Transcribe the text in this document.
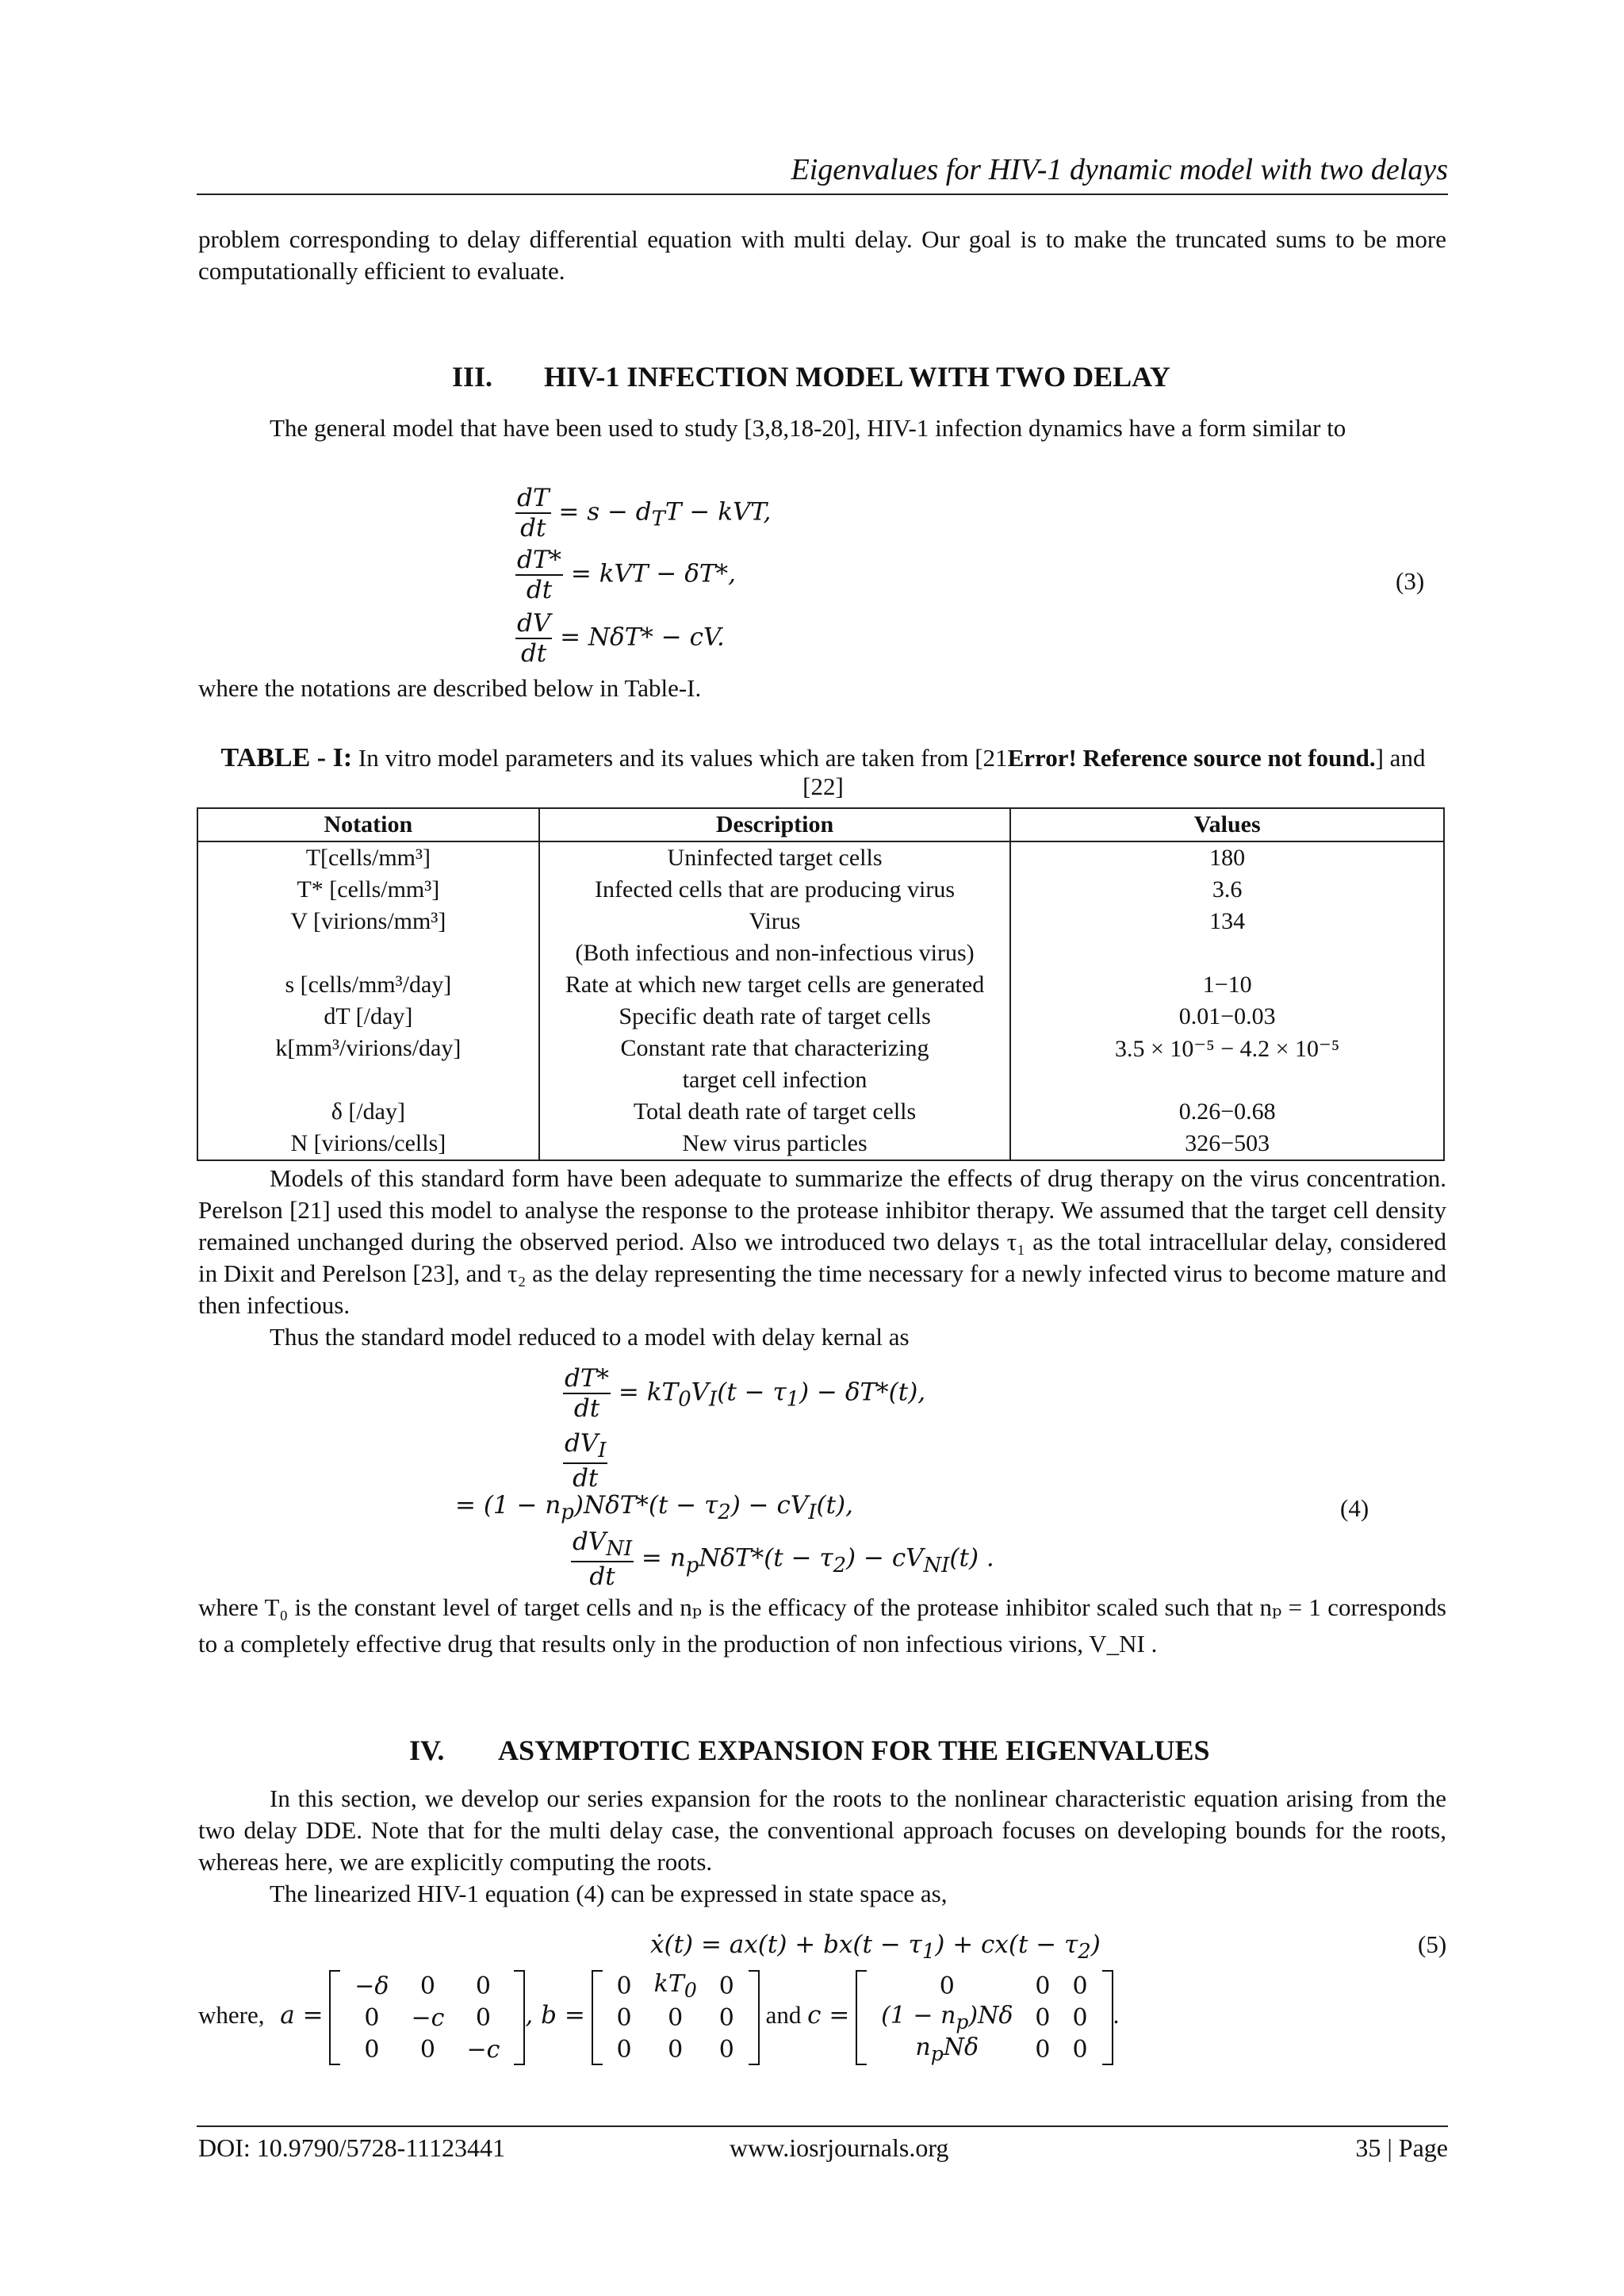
Eigenvalues for HIV-1 dynamic model with two delays

problem corresponding to delay differential equation with multi delay. Our goal is to make the truncated sums to be more computationally efficient to evaluate.

III. HIV-1 INFECTION MODEL WITH TWO DELAY

The general model that have been used to study [3,8,18-20], HIV-1 infection dynamics have a form similar to

$\frac{dT}{dt} = s - d_TT$ − kVT,
$\frac{dT*}{dt}$ = kVT − δT*,
$\frac{dV}{dt} = N\delta T*$ − cV.
(3)
where the notations are described below in Table-I.
TABLE - I: In vitro model parameters and its values which are taken from [21Error! Reference source not found.] and [22]
Notation	Description	Values
T[cells/mm³]	Uninfected target cells	180
T* [cells/mm³]	Infected cells that are producing virus	3.6
V [virions/mm³]	Virus	134
	(Both infectious and non-infectious virus)	
s [cells/mm³/day]	Rate at which new target cells are generated	1−10
dT [/day]	Specific death rate of target cells	0.01−0.03
k[mm³/virions/day]	Constant rate that characterizing	3.5 × 10⁻⁵ − 4.2 × 10⁻⁵
	target cell infection	
δ [/day]	Total death rate of target cells	0.26−0.68
N [virions/cells]	New virus particles	326−503

Models of this standard form have been adequate to summarize the effects of drug therapy on the virus concentration. Perelson [21] used this model to analyse the response to the protease inhibitor therapy. We assumed that the target cell density remained unchanged during the observed period. Also we introduced two delays τ₁ as the total intracellular delay, considered in Dixit and Perelson [23], and τ₂ as the delay representing the time necessary for a newly infected virus to become mature and then infectious.

Thus the standard model reduced to a model with delay kernal as

$\frac{dT*}{dt} = kT_0V_I(t - \tau_1) - \delta T*(t)$,
$\frac{dV_I}{dt}$
= $(1 - n_p)N\delta T*(t - \tau_2) - cV_I(t)$,
$\frac{dV_{NI}}{dt} = n_pN\delta T*(t - \tau_2) - cV_{NI}(t)$ .
(4)

where T₀ is the constant level of target cells and nₚ is the efficacy of the protease inhibitor scaled such that nₚ = 1 corresponds to a completely effective drug that results only in the production of non infectious virions, V_NI .

IV. ASYMPTOTIC EXPANSION FOR THE EIGENVALUES

In this section, we develop our series expansion for the roots to the nonlinear characteristic equation arising from the two delay DDE. Note that for the multi delay case, the conventional approach focuses on developing bounds for the roots, whereas here, we are explicitly computing the roots.

The linearized HIV-1 equation (4) can be expressed in state space as,

ẋ(t) = $ax(t) + bx(t - \tau_1) + cx(t - \tau_2)$	(5)
where, a =
−δ	0	0
0	−c	0
0	0	−c
, b =
0	$kT_0$	0
0	0	0
0	0	0
and c =
0	0	0
$(1 - n_p)N\delta$	0	0
$n_pN\delta$	0	0
.
DOI: 10.9790/5728-11123441	www.iosrjournals.org	35 | Page
